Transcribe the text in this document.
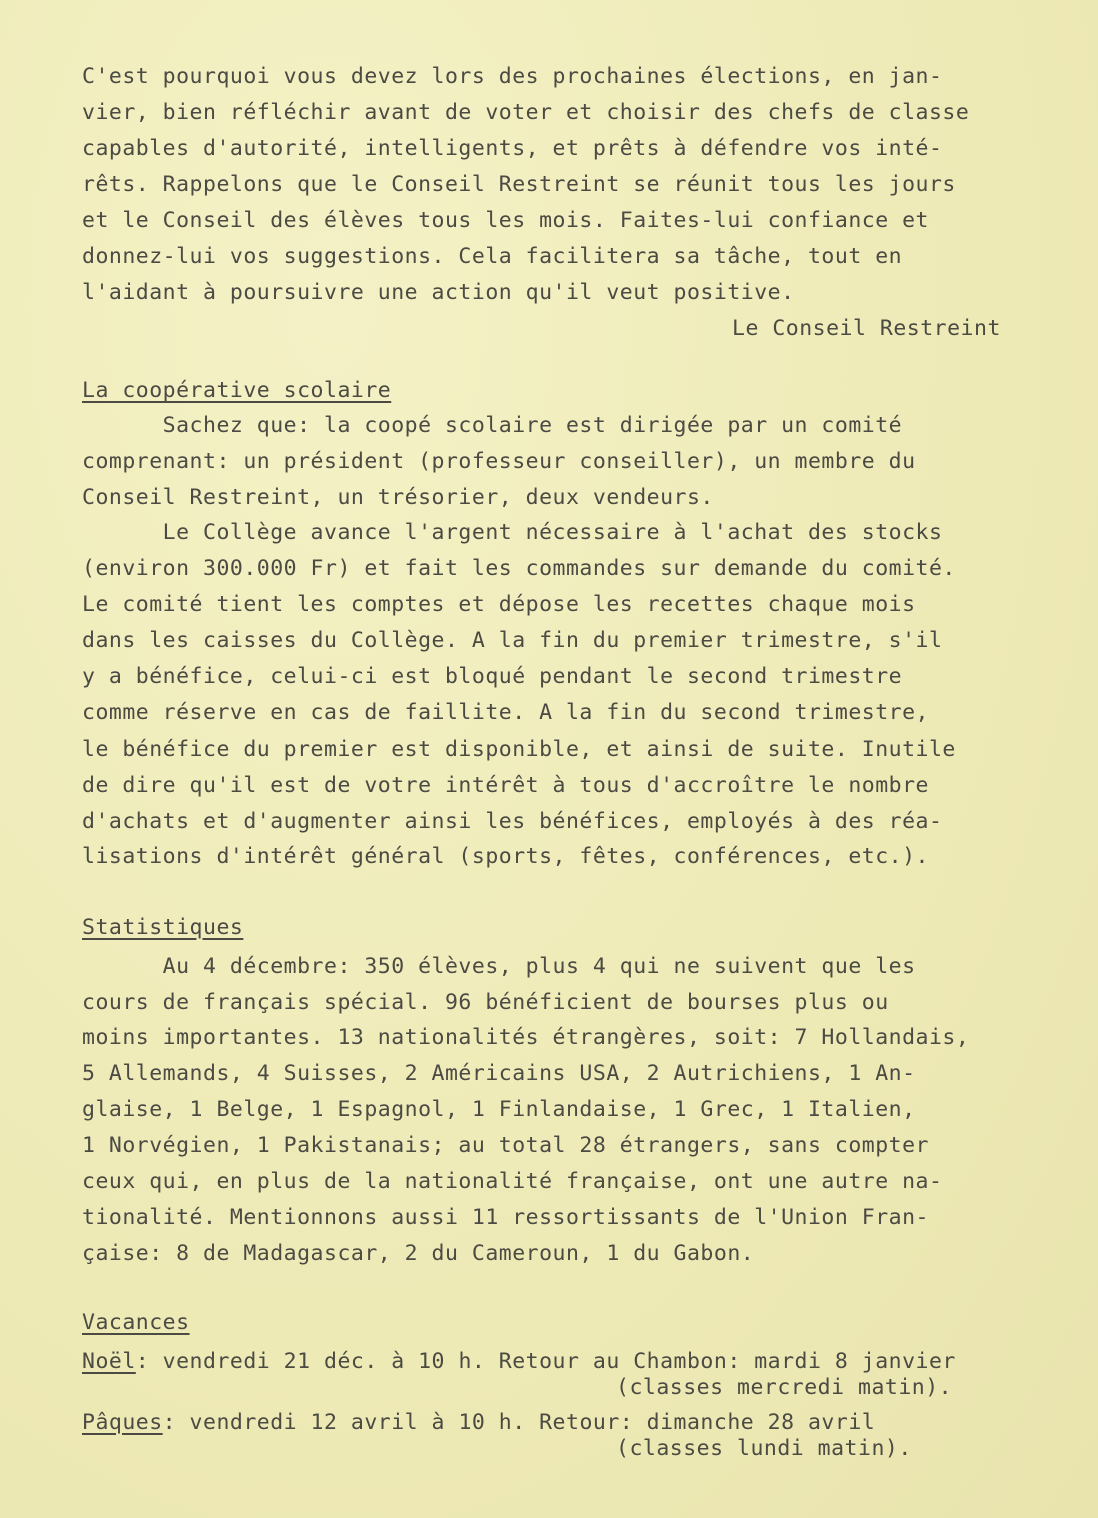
C'est pourquoi vous devez lors des prochaines élections, en jan-
vier, bien réfléchir avant de voter et choisir des chefs de classe
capables d'autorité, intelligents, et prêts à défendre vos inté-
rêts. Rappelons que le Conseil Restreint se réunit tous les jours
et le Conseil des élèves tous les mois. Faites-lui confiance et
donnez-lui vos suggestions. Cela facilitera sa tâche, tout en
l'aidant à poursuivre une action qu'il veut positive.
Le Conseil Restreint
La coopérative scolaire
Sachez que: la coopé scolaire est dirigée par un comité
comprenant: un président (professeur conseiller), un membre du
Conseil Restreint, un trésorier, deux vendeurs.
Le Collège avance l'argent nécessaire à l'achat des stocks
(environ 300.000 Fr) et fait les commandes sur demande du comité.
Le comité tient les comptes et dépose les recettes chaque mois
dans les caisses du Collège. A la fin du premier trimestre, s'il
y a bénéfice, celui-ci est bloqué pendant le second trimestre
comme réserve en cas de faillite. A la fin du second trimestre,
le bénéfice du premier est disponible, et ainsi de suite. Inutile
de dire qu'il est de votre intérêt à tous d'accroître le nombre
d'achats et d'augmenter ainsi les bénéfices, employés à des réa-
lisations d'intérêt général (sports, fêtes, conférences, etc.).
Statistiques
Au 4 décembre: 350 élèves, plus 4 qui ne suivent que les
cours de français spécial. 96 bénéficient de bourses plus ou
moins importantes. 13 nationalités étrangères, soit: 7 Hollandais,
5 Allemands, 4 Suisses, 2 Américains USA, 2 Autrichiens, 1 An-
glaise, 1 Belge, 1 Espagnol, 1 Finlandaise, 1 Grec, 1 Italien,
1 Norvégien, 1 Pakistanais; au total 28 étrangers, sans compter
ceux qui, en plus de la nationalité française, ont une autre na-
tionalité. Mentionnons aussi 11 ressortissants de l'Union Fran-
çaise: 8 de Madagascar, 2 du Cameroun, 1 du Gabon.
Vacances
Noël: vendredi 21 déc. à 10 h. Retour au Chambon: mardi 8 janvier
(classes mercredi matin).
Pâques: vendredi 12 avril à 10 h. Retour: dimanche 28 avril
(classes lundi matin).
